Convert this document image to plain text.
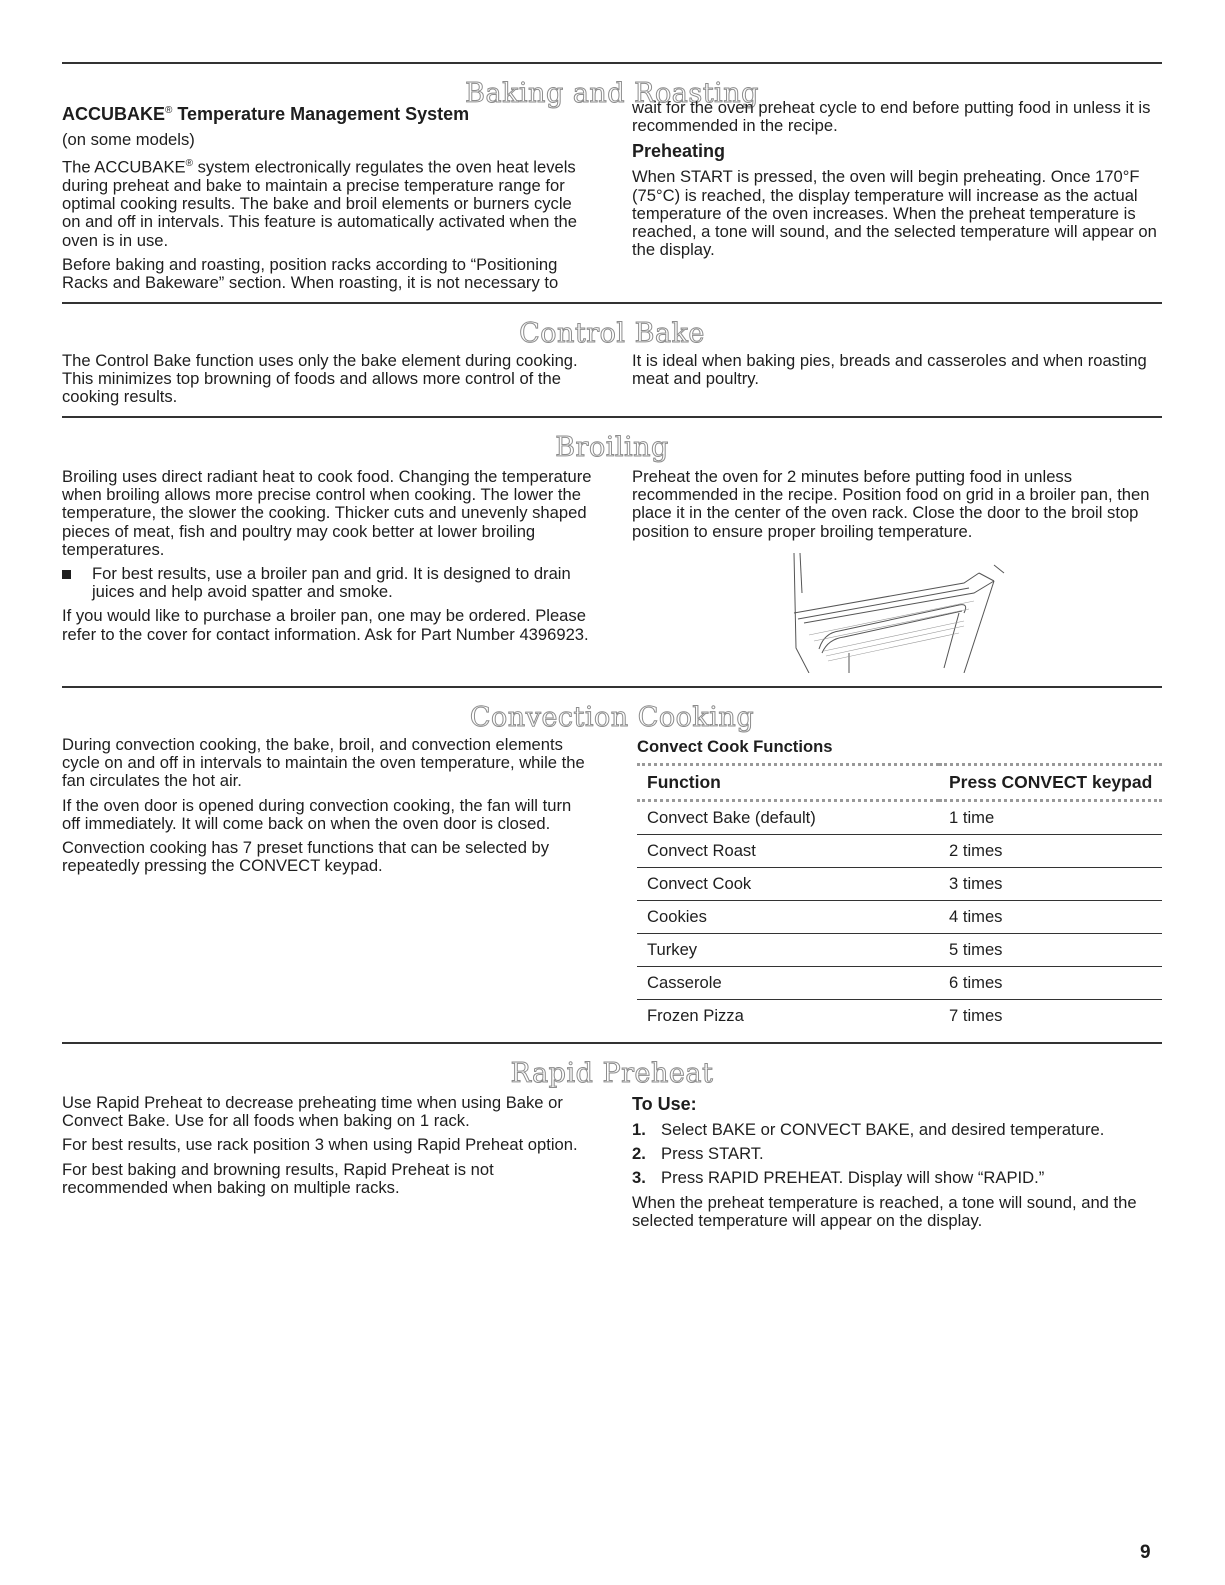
Baking and Roasting

ACCUBAKE® Temperature Management System

(on some models)

The ACCUBAKE® system electronically regulates the oven heat levels during preheat and bake to maintain a precise temperature range for optimal cooking results. The bake and broil elements or burners cycle on and off in intervals. This feature is automatically activated when the oven is in use.

Before baking and roasting, position racks according to “Positioning Racks and Bakeware” section. When roasting, it is not necessary to

wait for the oven preheat cycle to end before putting food in unless it is recommended in the recipe.

Preheating

When START is pressed, the oven will begin preheating. Once 170°F (75°C) is reached, the display temperature will increase as the actual temperature of the oven increases. When the preheat temperature is reached, a tone will sound, and the selected temperature will appear on the display.

Control Bake
The Control Bake function uses only the bake element during cooking. This minimizes top browning of foods and allows more control of the cooking results.
It is ideal when baking pies, breads and casseroles and when roasting meat and poultry.
Broiling

Broiling uses direct radiant heat to cook food. Changing the temperature when broiling allows more precise control when cooking. The lower the temperature, the slower the cooking. Thicker cuts and unevenly shaped pieces of meat, fish and poultry may cook better at lower broiling temperatures.

For best results, use a broiler pan and grid. It is designed to drain juices and help avoid spatter and smoke.

If you would like to purchase a broiler pan, one may be ordered. Please refer to the cover for contact information. Ask for Part Number 4396923.

Preheat the oven for 2 minutes before putting food in unless recommended in the recipe. Position food on grid in a broiler pan, then place it in the center of the oven rack. Close the door to the broil stop position to ensure proper broiling temperature.

Convection Cooking

During convection cooking, the bake, broil, and convection elements cycle on and off in intervals to maintain the oven temperature, while the fan circulates the hot air.

If the oven door is opened during convection cooking, the fan will turn off immediately. It will come back on when the oven door is closed.

Convection cooking has 7 preset functions that can be selected by repeatedly pressing the CONVECT keypad.

Convect Cook Functions

Function	Press CONVECT keypad
Convect Bake (default)	1 time
Convect Roast	2 times
Convect Cook	3 times
Cookies	4 times
Turkey	5 times
Casserole	6 times
Frozen Pizza	7 times
Rapid Preheat

Use Rapid Preheat to decrease preheating time when using Bake or Convect Bake. Use for all foods when baking on 1 rack.

For best results, use rack position 3 when using Rapid Preheat option.

For best baking and browning results, Rapid Preheat is not recommended when baking on multiple racks.

To Use:

1. Select BAKE or CONVECT BAKE, and desired temperature.
2. Press START.
3. Press RAPID PREHEAT. Display will show “RAPID.”

When the preheat temperature is reached, a tone will sound, and the selected temperature will appear on the display.

9
